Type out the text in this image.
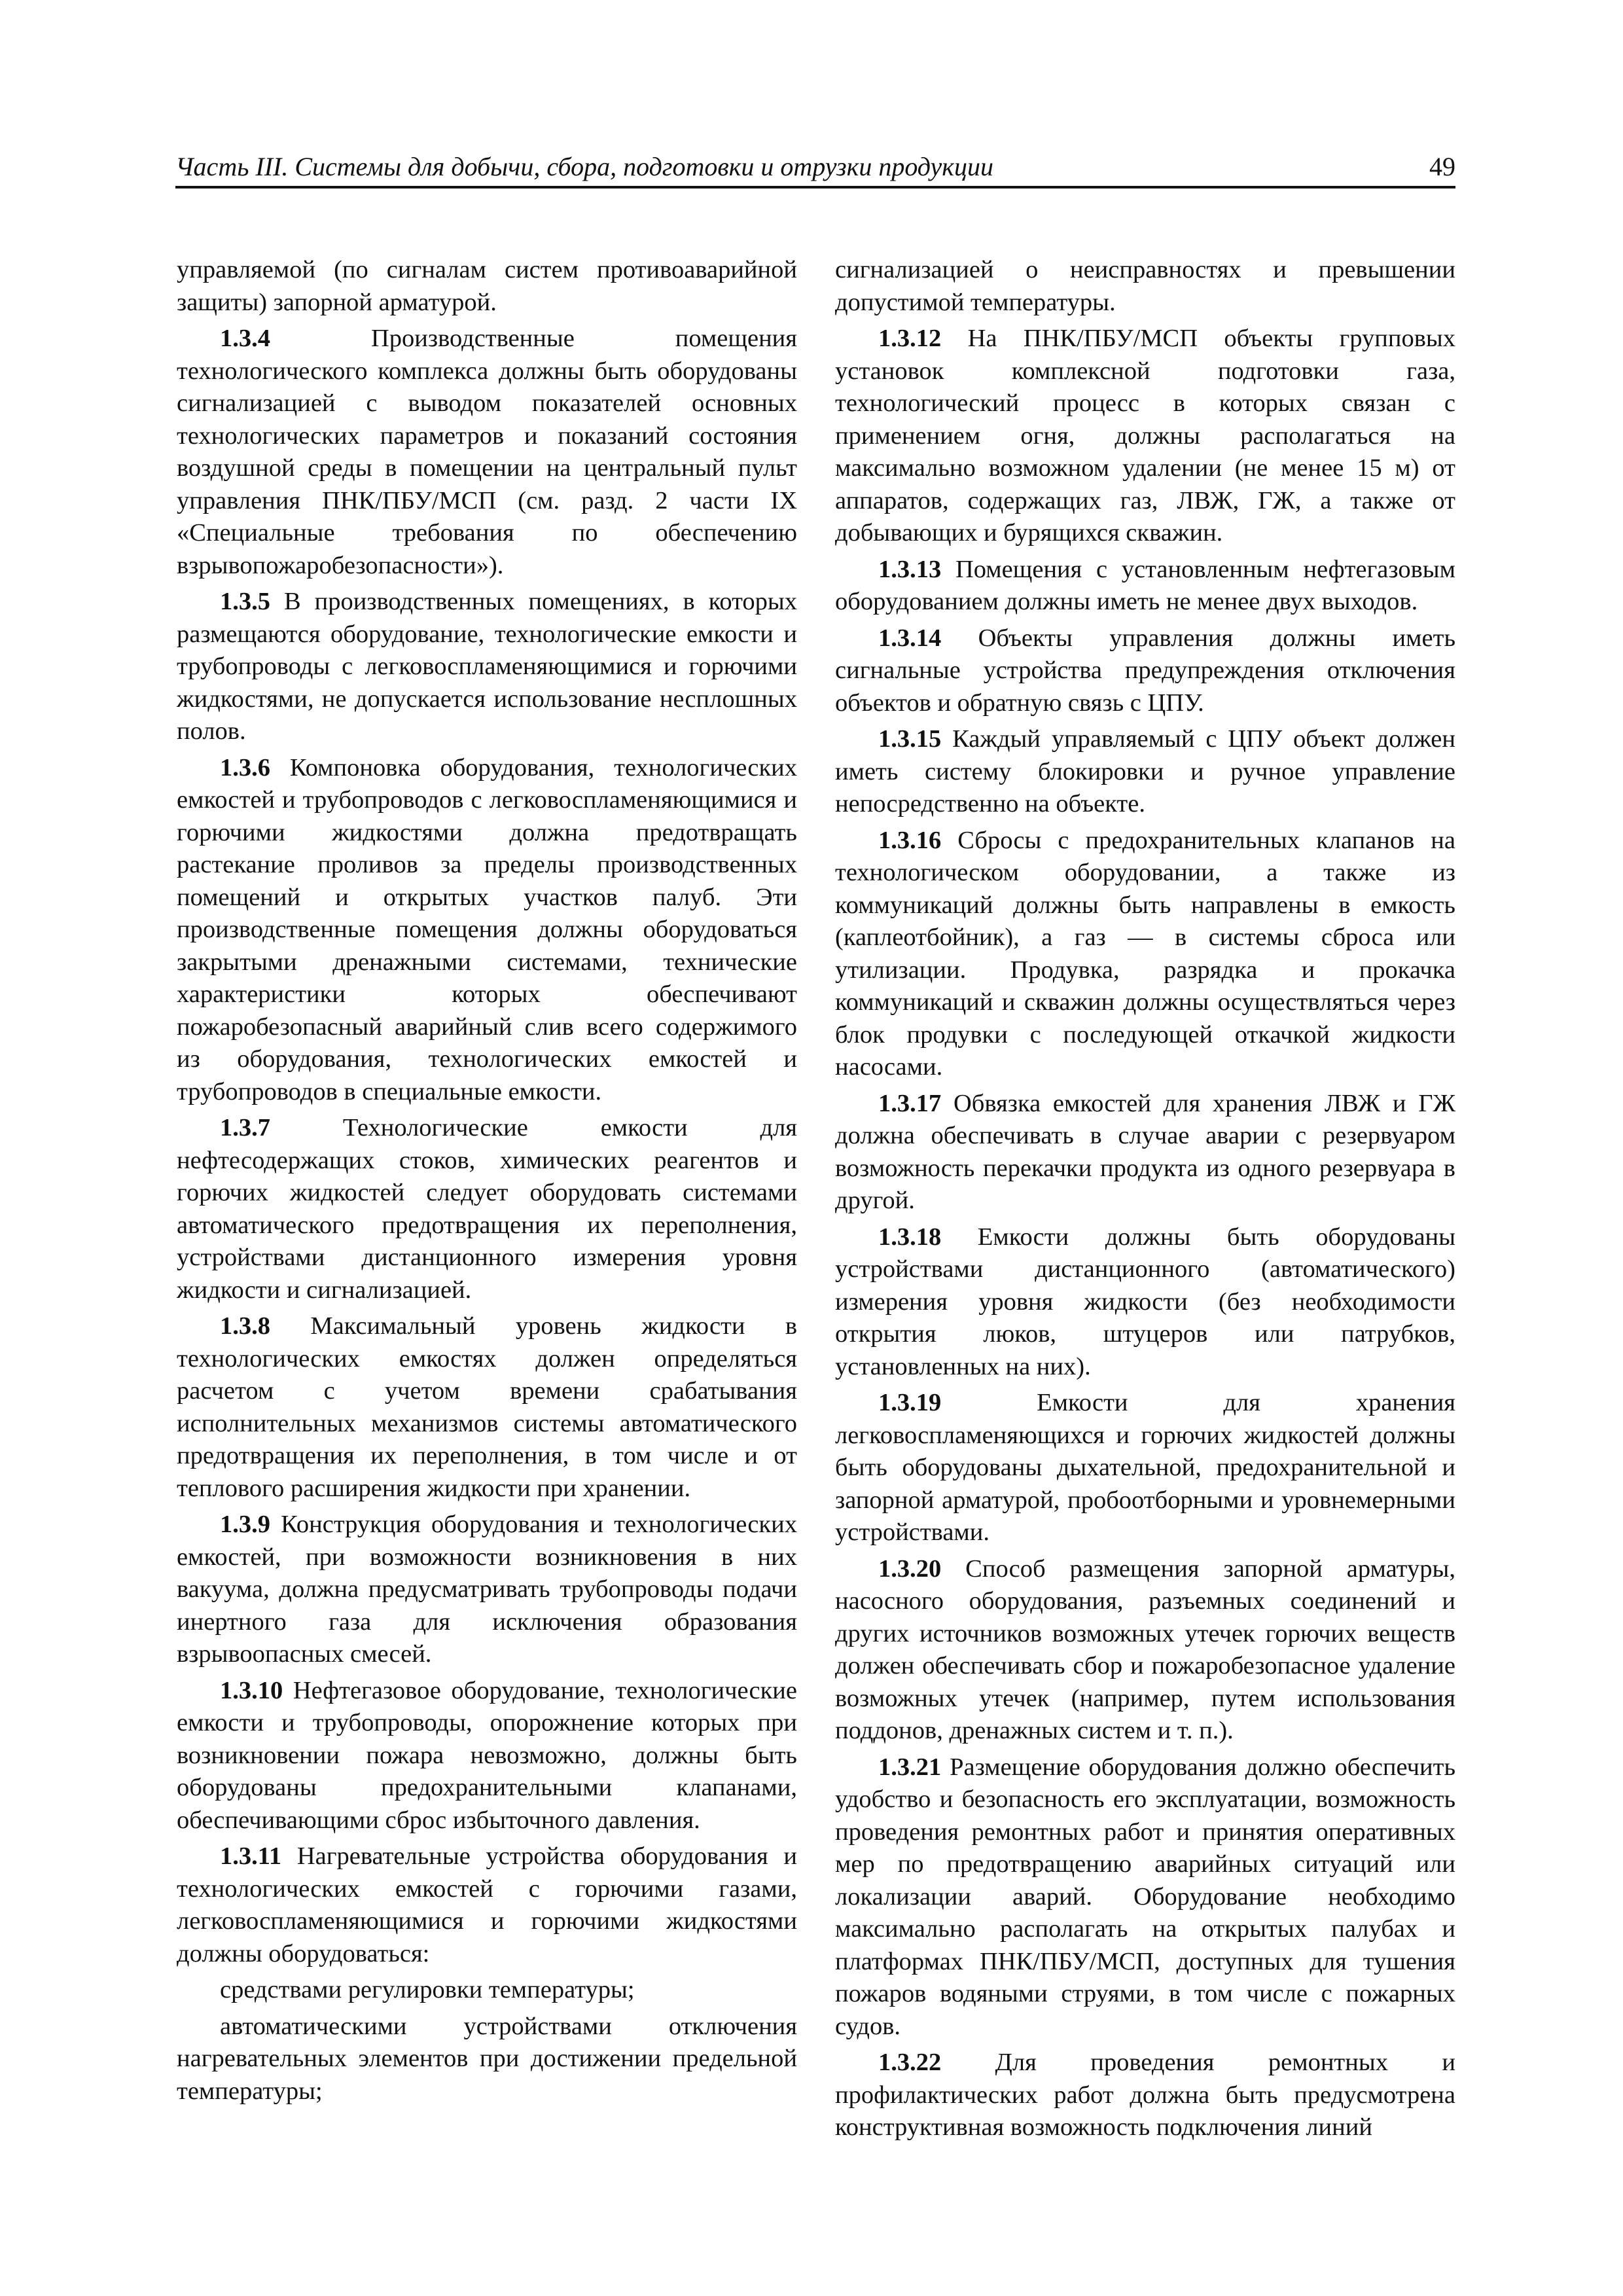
Часть III. Системы для добычи, сбора, подготовки и отрузки продукции	49

управляемой (по сигналам систем противоаварийной защиты) запорной арматурой.

1.3.4	Производственные помещения технологического комплекса должны быть оборудованы сигнализацией с выводом показателей основных технологических параметров и показаний состояния воздушной среды в помещении на центральный пульт управления ПНК/ПБУ/МСП (см. разд. 2 части IX «Специальные требования по обеспечению взрывопожаробезопасности»).

1.3.5 В производственных помещениях, в которых размещаются оборудование, технологические емкости и трубопроводы с легковоспламеняющимися и горючими жидкостями, не допускается использование несплошных полов.

1.3.6 Компоновка оборудования, технологических емкостей и трубопроводов с легковоспламеняющимися и горючими жидкостями должна предотвращать растекание проливов за пределы производственных помещений и открытых участков палуб. Эти производственные помещения должны оборудоваться закрытыми дренажными системами, технические характеристики которых обеспечивают пожаробезопасный аварийный слив всего содержимого из оборудования, технологических емкостей и трубопроводов в специальные емкости.

1.3.7	Технологические емкости для нефтесодержащих стоков, химических реагентов и горючих жидкостей следует оборудовать системами автоматического предотвращения их переполнения, устройствами дистанционного измерения уровня жидкости и сигнализацией.

1.3.8 Максимальный уровень жидкости в технологических емкостях должен определяться расчетом с учетом времени срабатывания исполнительных механизмов системы автоматического предотвращения их переполнения, в том числе и от теплового расширения жидкости при хранении.

1.3.9 Конструкция оборудования и технологических емкостей, при возможности возникновения в них вакуума, должна предусматривать трубопроводы подачи инертного газа для исключения образования взрывоопасных смесей.

1.3.10 Нефтегазовое оборудование, технологические емкости и трубопроводы, опорожнение которых при возникновении пожара невозможно, должны быть оборудованы предохранительными клапанами, обеспечивающими сброс избыточного давления.

1.3.11 Нагревательные устройства оборудования и технологических емкостей с горючими газами, легковоспламеняющимися и горючими жидкостями должны оборудоваться:

средствами регулировки температуры;

автоматическими устройствами отключения нагревательных элементов при достижении предельной температуры;

сигнализацией о неисправностях и превышении допустимой температуры.

1.3.12 На ПНК/ПБУ/МСП объекты групповых установок комплексной подготовки газа, технологический процесс в которых связан с применением огня, должны располагаться на максимально возможном удалении (не менее 15 м) от аппаратов, содержащих газ, ЛВЖ, ГЖ, а также от добывающих и бурящихся скважин.

1.3.13 Помещения с установленным нефтегазовым оборудованием должны иметь не менее двух выходов.

1.3.14 Объекты управления должны иметь сигнальные устройства предупреждения отключения объектов и обратную связь с ЦПУ.

1.3.15 Каждый управляемый с ЦПУ объект должен иметь систему блокировки и ручное управление непосредственно на объекте.

1.3.16 Сбросы с предохранительных клапанов на технологическом оборудовании, а также из коммуникаций должны быть направлены в емкость (каплеотбойник), а газ — в системы сброса или утилизации. Продувка, разрядка и прокачка коммуникаций и скважин должны осуществляться через блок продувки с последующей откачкой жидкости насосами.

1.3.17 Обвязка емкостей для хранения ЛВЖ и ГЖ должна обеспечивать в случае аварии с резервуаром возможность перекачки продукта из одного резервуара в другой.

1.3.18 Емкости должны быть оборудованы устройствами дистанционного (автоматического) измерения уровня жидкости (без необходимости открытия люков, штуцеров или патрубков, установленных на них).

1.3.19	Емкости для хранения легковоспламеняющихся и горючих жидкостей должны быть оборудованы дыхательной, предохранительной и запорной арматурой, пробоотборными и уровнемерными устройствами.

1.3.20 Способ размещения запорной арматуры, насосного оборудования, разъемных соединений и других источников возможных утечек горючих веществ должен обеспечивать сбор и пожаробезопасное удаление возможных утечек (например, путем использования поддонов, дренажных систем и т. п.).

1.3.21 Размещение оборудования должно обеспечить удобство и безопасность его эксплуатации, возможность проведения ремонтных работ и принятия оперативных мер по предотвращению аварийных ситуаций или локализации аварий. Оборудование необходимо максимально располагать на открытых палубах и платформах ПНК/ПБУ/МСП, доступных для тушения пожаров водяными струями, в том числе с пожарных судов.

1.3.22 Для проведения ремонтных и профилактических работ должна быть предусмотрена конструктивная возможность подключения линий
